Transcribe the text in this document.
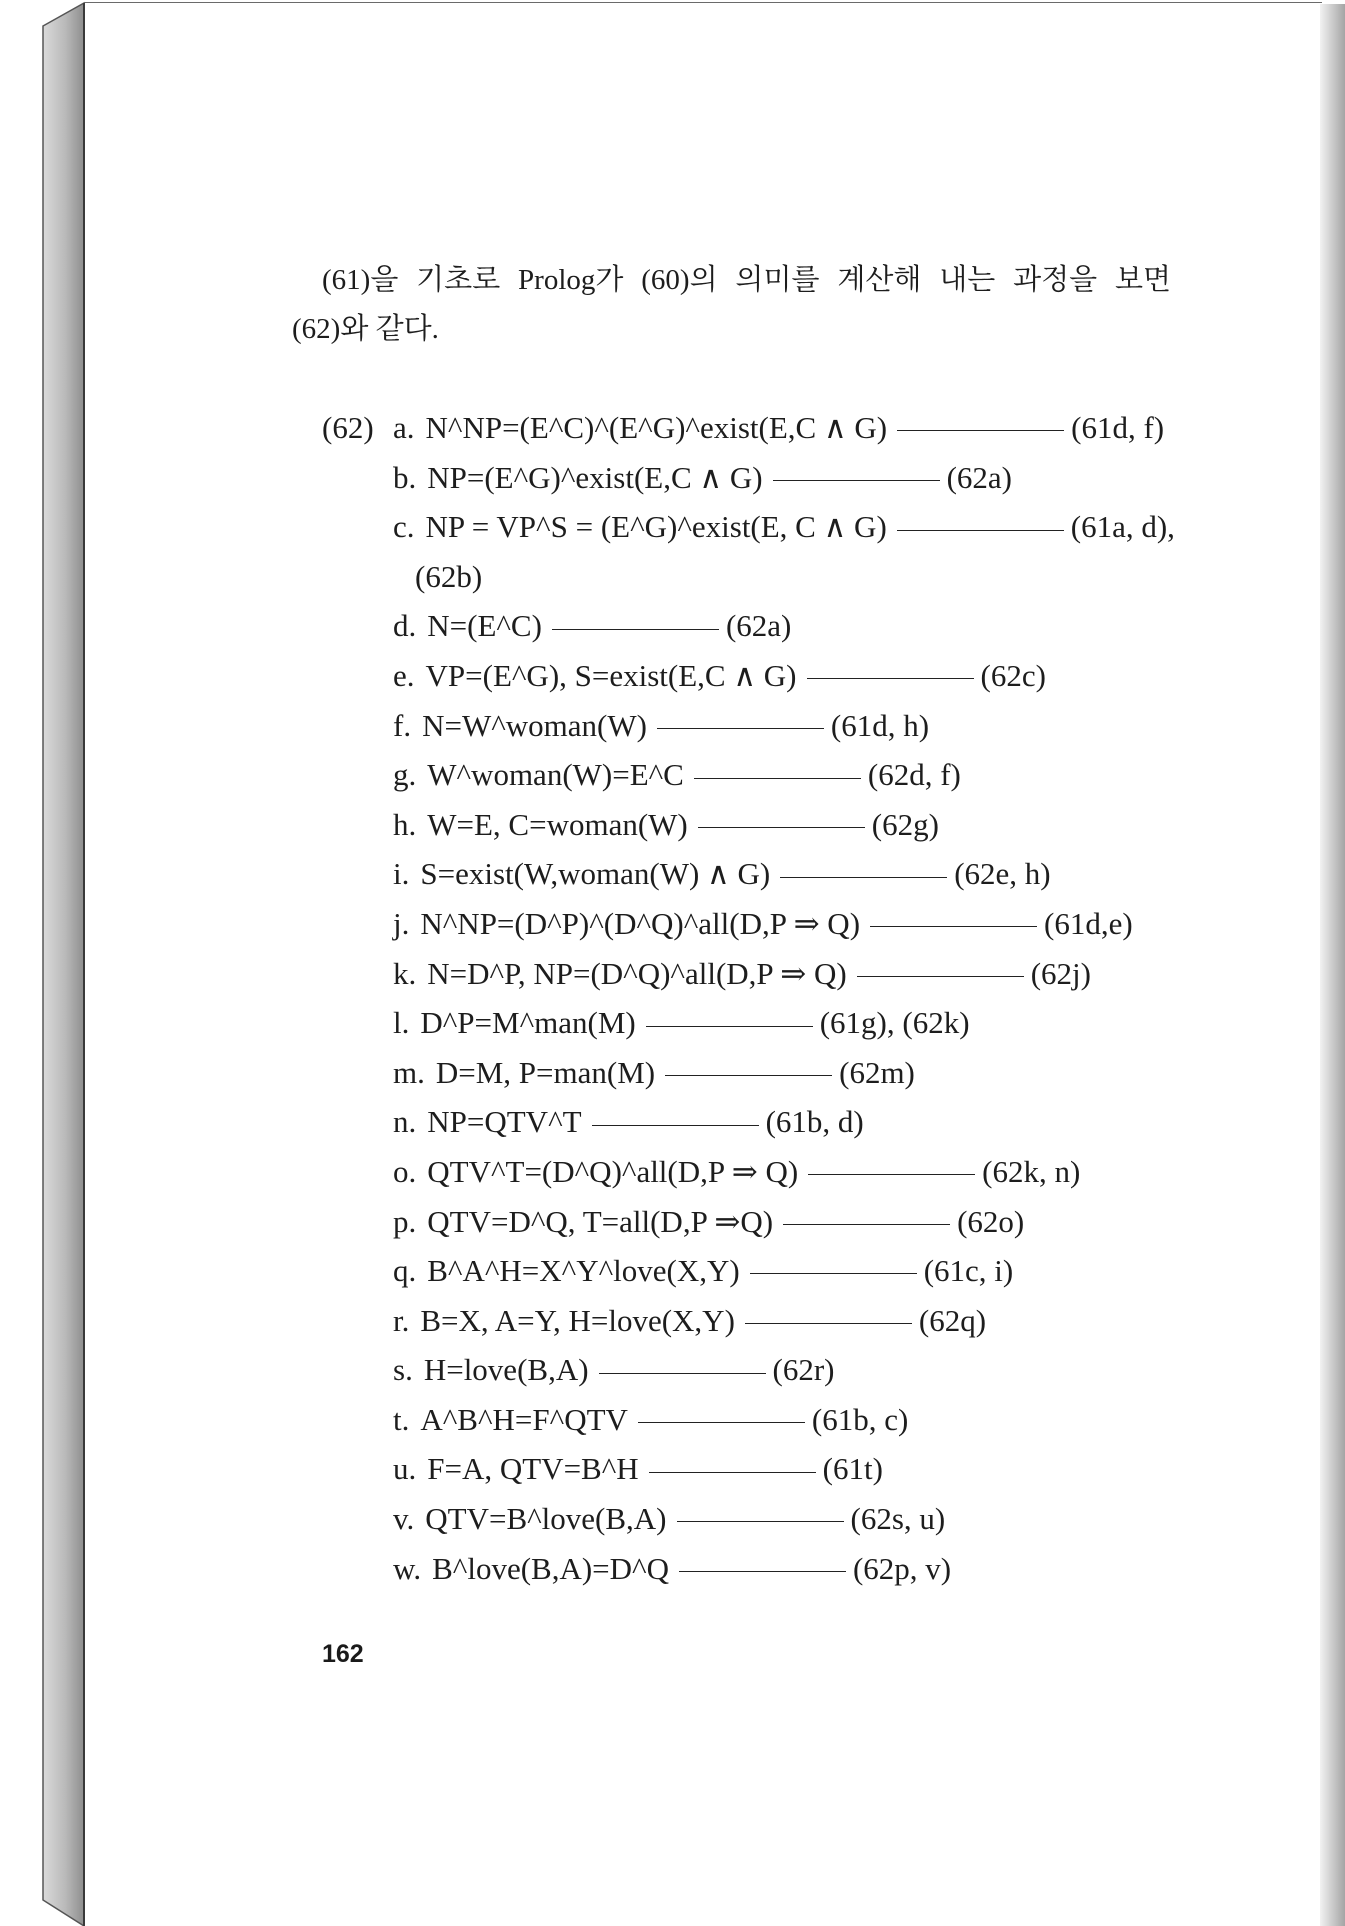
(61)을 기초로 Prolog가 (60)의 의미를 계산해 내는 과정을 보면
(62)와 같다.
(62) a. N^NP=(E^C)^(E^G)^exist(E,C ∧ G)	(61d, f)
b. NP=(E^G)^exist(E,C ∧ G)	(62a)
c. NP = VP^S = (E^G)^exist(E, C ∧ G)	(61a, d),
(62b)
d. N=(E^C)	(62a)
e. VP=(E^G), S=exist(E,C ∧ G)	(62c)
f. N=W^woman(W)	(61d, h)
g. W^woman(W)=E^C	(62d, f)
h. W=E, C=woman(W)	(62g)
i. S=exist(W,woman(W) ∧ G)	(62e, h)
j. N^NP=(D^P)^(D^Q)^all(D,P ⇒ Q)	(61d,e)
k. N=D^P, NP=(D^Q)^all(D,P ⇒ Q)	(62j)
l. D^P=M^man(M)	(61g), (62k)
m. D=M, P=man(M)	(62m)
n. NP=QTV^T	(61b, d)
o. QTV^T=(D^Q)^all(D,P ⇒ Q)	(62k, n)
p. QTV=D^Q, T=all(D,P ⇒Q)	(62o)
q. B^A^H=X^Y^love(X,Y)	(61c, i)
r. B=X, A=Y, H=love(X,Y)	(62q)
s. H=love(B,A)	(62r)
t. A^B^H=F^QTV	(61b, c)
u. F=A, QTV=B^H	(61t)
v. QTV=B^love(B,A)	(62s, u)
w. B^love(B,A)=D^Q	(62p, v)
162
